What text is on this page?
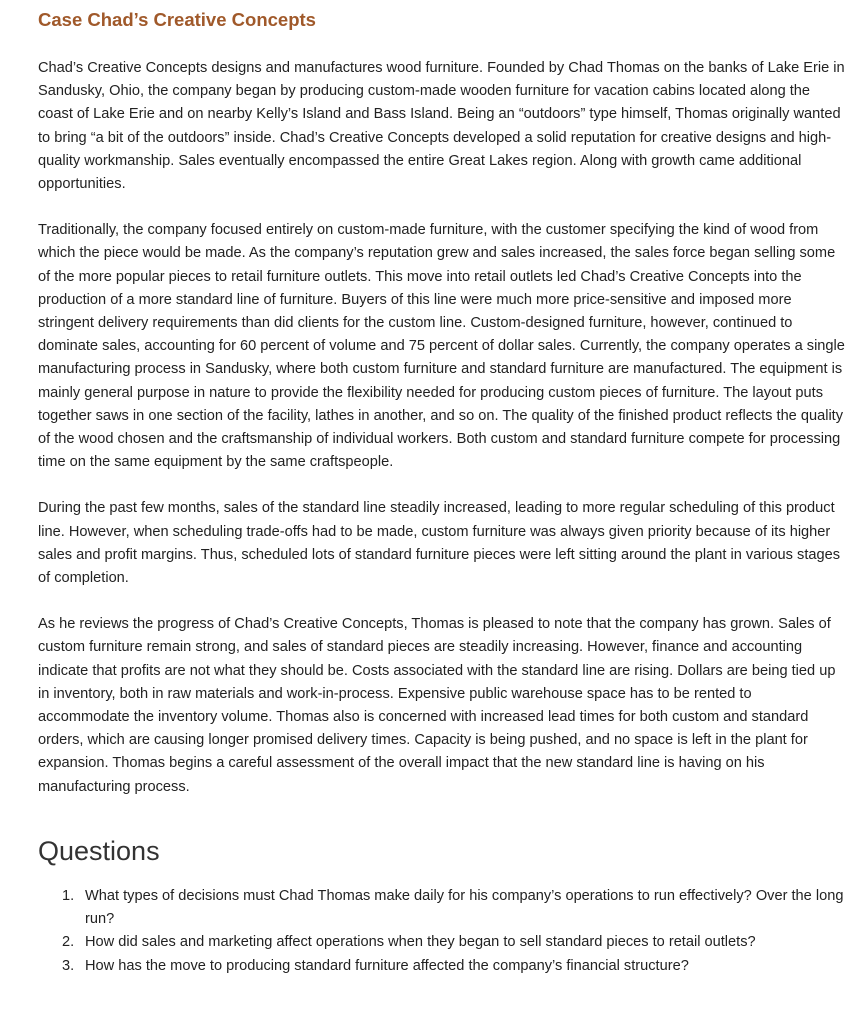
Case Chad’s Creative Concepts

Chad’s Creative Concepts designs and manufactures wood furniture. Founded by Chad Thomas on the banks of Lake Erie in Sandusky, Ohio, the company began by producing custom-made wooden furniture for vacation cabins located along the coast of Lake Erie and on nearby Kelly’s Island and Bass Island. Being an “outdoors” type himself, Thomas originally wanted to bring “a bit of the outdoors” inside. Chad’s Creative Concepts developed a solid reputation for creative designs and high-quality workmanship. Sales eventually encompassed the entire Great Lakes region. Along with growth came additional opportunities.

Traditionally, the company focused entirely on custom-made furniture, with the customer specifying the kind of wood from which the piece would be made. As the company’s reputation grew and sales increased, the sales force began selling some of the more popular pieces to retail furniture outlets. This move into retail outlets led Chad’s Creative Concepts into the production of a more standard line of furniture. Buyers of this line were much more price-sensitive and imposed more stringent delivery requirements than did clients for the custom line. Custom-designed furniture, however, continued to dominate sales, accounting for 60 percent of volume and 75 percent of dollar sales. Currently, the company operates a single manufacturing process in Sandusky, where both custom furniture and standard furniture are manufactured. The equipment is mainly general purpose in nature to provide the flexibility needed for producing custom pieces of furniture. The layout puts together saws in one section of the facility, lathes in another, and so on. The quality of the finished product reflects the quality of the wood chosen and the craftsmanship of individual workers. Both custom and standard furniture compete for processing time on the same equipment by the same craftspeople.

During the past few months, sales of the standard line steadily increased, leading to more regular scheduling of this product line. However, when scheduling trade-offs had to be made, custom furniture was always given priority because of its higher sales and profit margins. Thus, scheduled lots of standard furniture pieces were left sitting around the plant in various stages of completion.

As he reviews the progress of Chad’s Creative Concepts, Thomas is pleased to note that the company has grown. Sales of custom furniture remain strong, and sales of standard pieces are steadily increasing. However, finance and accounting indicate that profits are not what they should be. Costs associated with the standard line are rising. Dollars are being tied up in inventory, both in raw materials and work-in-process. Expensive public warehouse space has to be rented to accommodate the inventory volume. Thomas also is concerned with increased lead times for both custom and standard orders, which are causing longer promised delivery times. Capacity is being pushed, and no space is left in the plant for expansion. Thomas begins a careful assessment of the overall impact that the new standard line is having on his manufacturing process.

Questions
1. What types of decisions must Chad Thomas make daily for his company’s operations to run effectively? Over the long run?
2. How did sales and marketing affect operations when they began to sell standard pieces to retail outlets?
3. How has the move to producing standard furniture affected the company’s financial structure?
